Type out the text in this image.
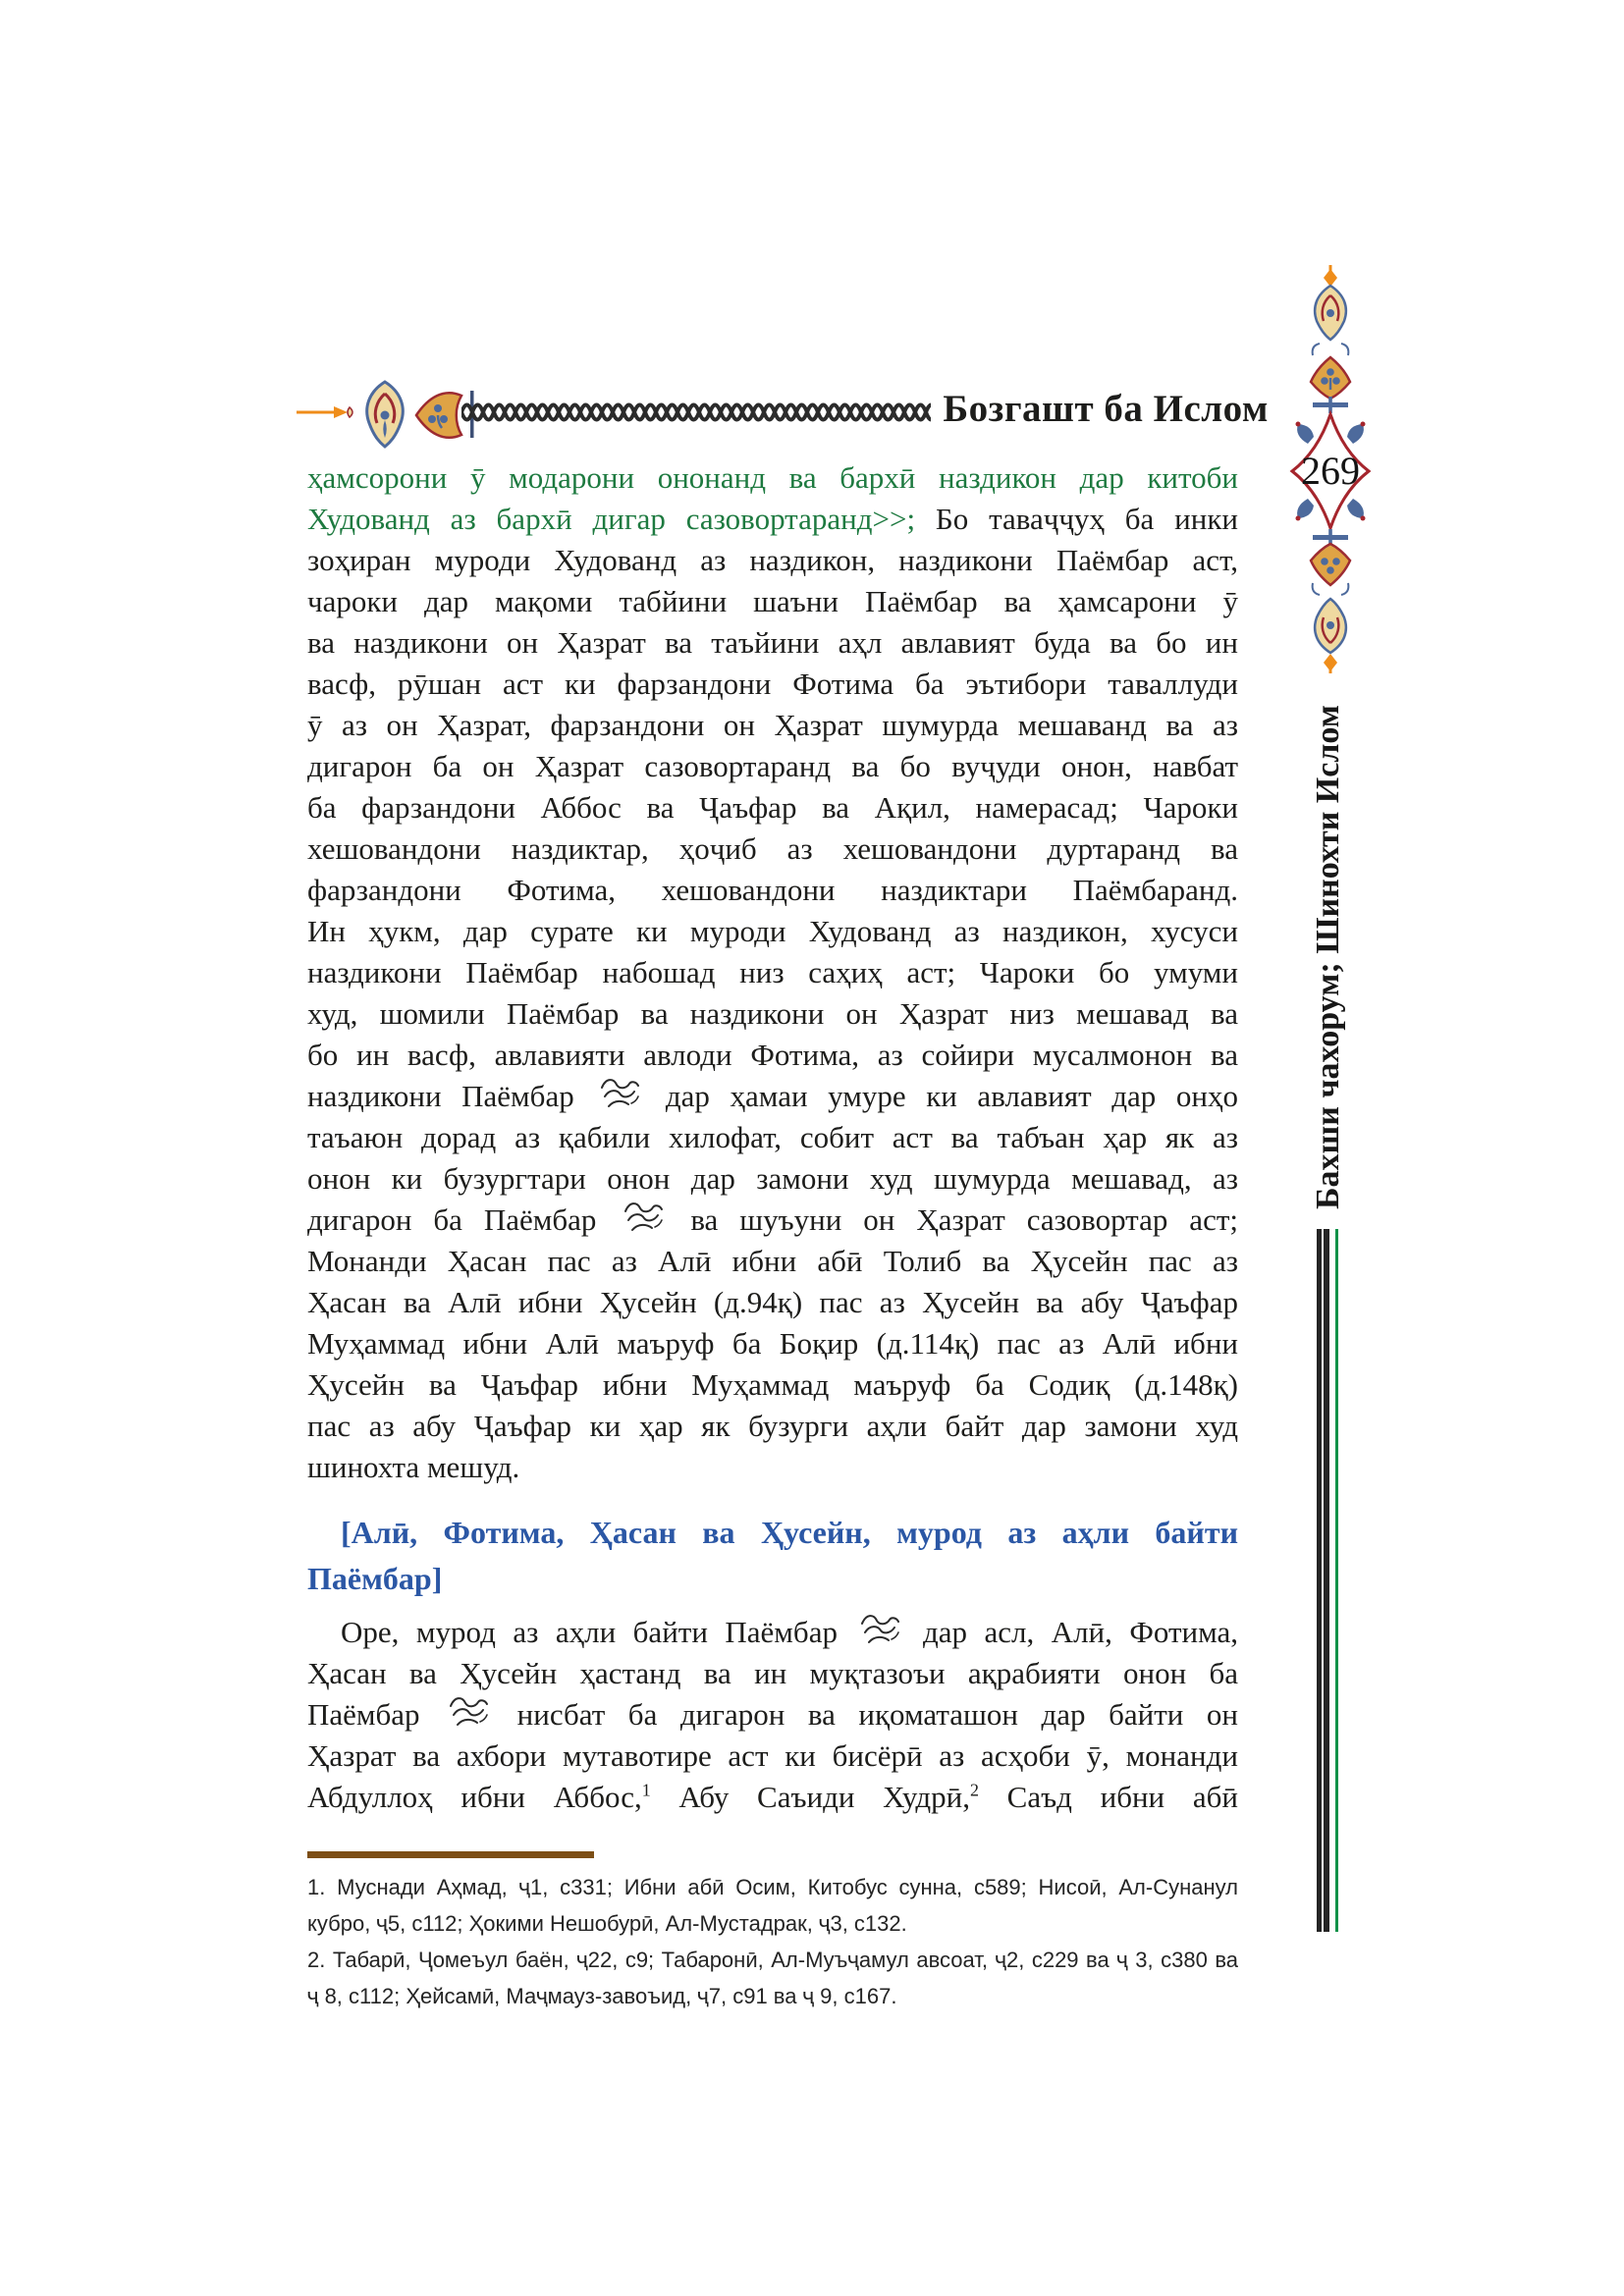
Бозгашт ба Ислом
269
Бахши чахорум; Шинохти Ислом
ҳамсорони ӯ модарони ононанд ва бархӣ наздикон дар китоби
Худованд аз бархӣ дигар сазовортаранд>>; Бо таваҷҷуҳ ба инки
зоҳиран муроди Худованд аз наздикон, наздикони Паёмбар аст,
чароки дар мақоми табйини шаъни Паёмбар ва ҳамсарони ӯ
ва наздикони он Ҳазрат ва таъйини аҳл авлавият буда ва бо ин
васф, рӯшан аст ки фарзандони Фотима ба эътибори таваллуди
ӯ аз он Ҳазрат, фарзандони он Ҳазрат шумурда мешаванд ва аз
дигарон ба он Ҳазрат сазовортаранд ва бо вуҷуди онон, навбат
ба фарзандони Аббос ва Ҷаъфар ва Ақил, намерасад; Чароки
хешовандони наздиктар, ҳоҷиб аз хешовандони дуртаранд ва
фарзандони Фотима, хешовандони наздиктари Паёмбаранд.
Ин ҳукм, дар сурате ки муроди Худованд аз наздикон, хусуси
наздикони Паёмбар набошад низ саҳиҳ аст; Чароки бо умуми
худ, шомили Паёмбар ва наздикони он Ҳазрат низ мешавад ва
бо ин васф, авлавияти авлоди Фотима, аз сойири мусалмонон ва
наздикони Паёмбар  дар ҳамаи умуре ки авлавият дар онҳо
таъаюн дорад аз қабили хилофат, собит аст ва табъан ҳар як аз
онон ки бузургтари онон дар замони худ шумурда мешавад, аз
дигарон ба Паёмбар  ва шуъуни он Ҳазрат сазовортар аст;
Монанди Ҳасан пас аз Алӣ ибни абӣ Толиб ва Ҳусейн пас аз
Ҳасан ва Алӣ ибни Ҳусейн (д.94қ) пас аз Ҳусейн ва абу Ҷаъфар
Муҳаммад ибни Алӣ маъруф ба Боқир (д.114қ) пас аз Алӣ ибни
Ҳусейн ва Ҷаъфар ибни Муҳаммад маъруф ба Содиқ (д.148қ)
пас аз абу Ҷаъфар ки ҳар як бузурги аҳли байт дар замони худ
шинохта мешуд.
[Алӣ, Фотима, Ҳасан ва Ҳусейн, мурод аз аҳли байти
Паёмбар]
Оре, мурод аз аҳли байти Паёмбар  дар асл, Алӣ, Фотима,
Ҳасан ва Ҳусейн ҳастанд ва ин муқтазоъи ақрабияти онон ба
Паёмбар  нисбат ба дигарон ва иқоматашон дар байти он
Ҳазрат ва ахбори мутавотире аст ки бисёрӣ аз асҳоби ӯ, монанди
Абдуллоҳ ибни Аббос,$^1$ Абу Саъиди Худрӣ,$^2$ Саъд ибни абӣ
1. Муснади Аҳмад, ҷ1, с331; Ибни абӣ Осим, Китобус сунна, с589; Нисоӣ, Ал-Сунанул
кубро, ҷ5, с112; Ҳокими Нешобурӣ, Ал-Мустадрак, ҷ3, с132.
2. Табарӣ, Ҷомеъул баён, ҷ22, с9; Табаронӣ, Ал-Муъҷамул авсоат, ҷ2, с229 ва ҷ 3, с380 ва
ҷ 8, с112; Ҳейсамӣ, Маҷмауз-завоъид, ҷ7, с91 ва ҷ 9, с167.
